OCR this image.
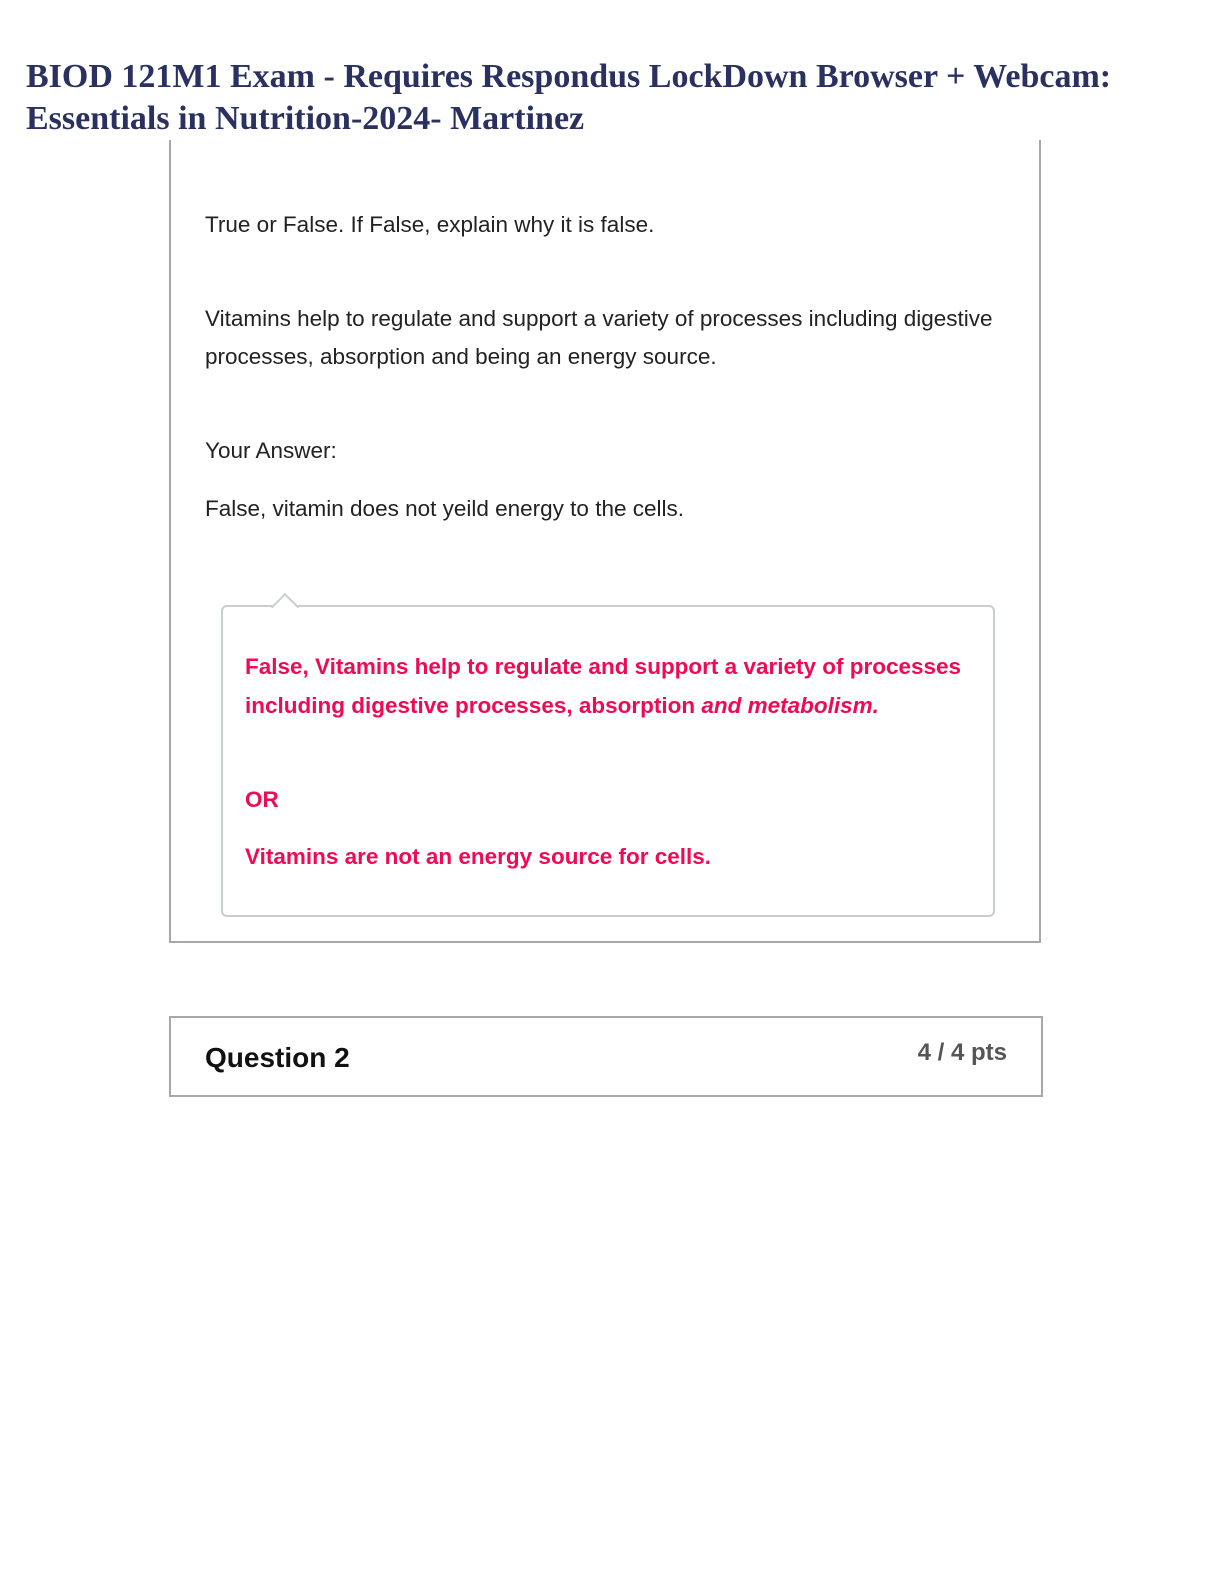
BIOD 121M1 Exam - Requires Respondus LockDown Browser + Webcam: Essentials in Nutrition-2024- Martinez

True or False. If False, explain why it is false.

Vitamins help to regulate and support a variety of processes including digestive processes, absorption and being an energy source.

Your Answer:

False, vitamin does not yeild energy to the cells.

False, Vitamins help to regulate and support a variety of processes including digestive processes, absorption and metabolism.

OR

Vitamins are not an energy source for cells.

Question 2	4 / 4 pts
